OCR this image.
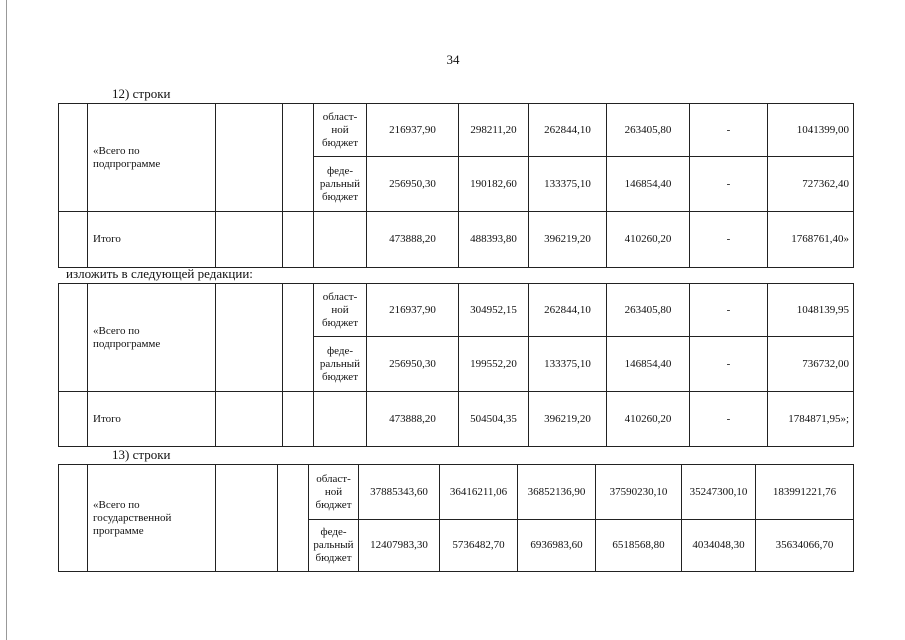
34
12) строки

	«Всего по
подпрограмме			област-
ной
бюджет	216937,90	298211,20	262844,10	263405,80	-	1041399,00

				феде-
ральный
бюджет	256950,30	190182,60	133375,10	146854,40	-	727362,40
	Итого				473888,20	488393,80	396219,20	410260,20	-	1768761,40»
изложить в следующей редакции:

	«Всего по
подпрограмме			област-
ной
бюджет	216937,90	304952,15	262844,10	263405,80	-	1048139,95

				феде-
ральный
бюджет	256950,30	199552,20	133375,10	146854,40	-	736732,00
	Итого				473888,20	504504,35	396219,20	410260,20	-	1784871,95»;
13) строки

	«Всего по
государственной
программе			област-
ной
бюджет	37885343,60	36416211,06	36852136,90	37590230,10	35247300,10	183991221,76

				феде-
ральный
бюджет	12407983,30	5736482,70	6936983,60	6518568,80	4034048,30	35634066,70
